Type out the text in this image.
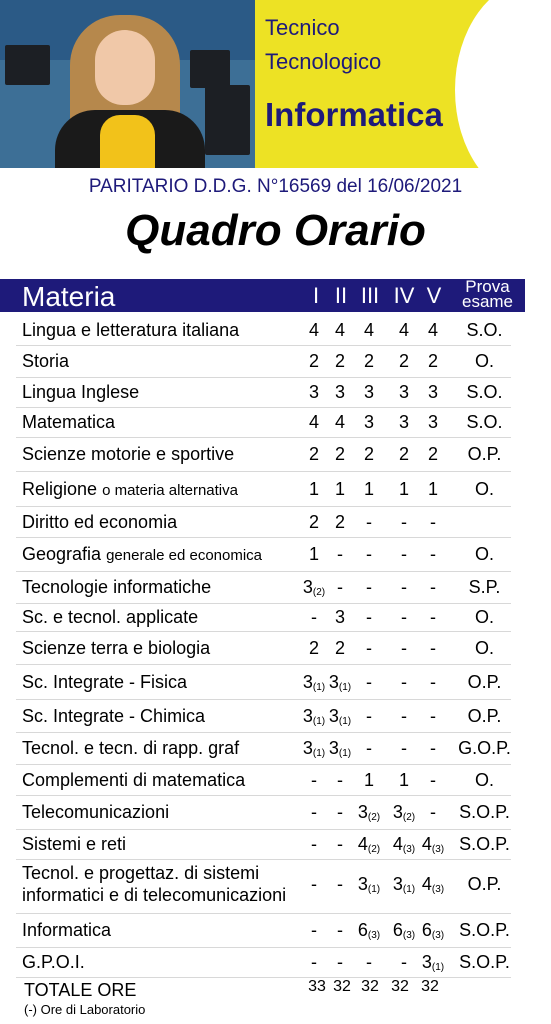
Tecnico
Tecnologico
Informatica
PARITARIO D.D.G. N°16569 del 16/06/2021
Quadro Orario
Materia	I II III IV V	Prova
esame
Lingua e letteratura italiana	4 4	4	4	4	S.O.
Storia	2 2	2	2	2	O.
Lingua Inglese	3 3	3	3	3	S.O.
Matematica	4 4	3	3	3	S.O.
Scienze motorie e sportive	2 2	2	2	2	O.P.
Religione o materia alternativa	1 1	1	1	1	O.
Diritto ed economia	2 2	-	-	-
Geografia generale ed economica	1	-	-	-	-	O.
Tecnologie informatiche	$3_{(2)}$ -	-	-	-	S.P.
Sc. e tecnol. applicate	- 3	-	-	-	O.
Scienze terra e biologia	2 2	-	-	-	O.
Sc. Integrate - Fisica	$3_{(1)}$ $3_{(1)}$ -	-	-	O.P.
Sc. Integrate - Chimica	$3_{(1)}$ $3_{(1)}$ -	-	-	O.P.
Tecnol. e tecn. di rapp. graf	$3_{(1)}$ $3_{(1)}$ -	-	-	G.O.P.
Complementi di matematica	-	-	1	1	-	O.
Telecomunicazioni	-	- $3_{(2)}$ $3_{(2)}$ -	S.O.P.
Sistemi e reti	-	- $4_{(2)}$ $4_{(3)}$ $4_{(3)}$ S.O.P.
Tecnol. e progettaz. di sistemi
informatici e di telecomunicazioni
-	- $3_{(1)}$ $3_{(1)}$ $4_{(3)}$	O.P.
Informatica	-	- $6_{(3)}$ $6_{(3)}$ $6_{(3)}$ S.O.P.
G.P.O.I.	-	-	-	- $3_{(1)}$ S.O.P.
TOTALE ORE	33 32 32 32 32
(-) Ore di Laboratorio
